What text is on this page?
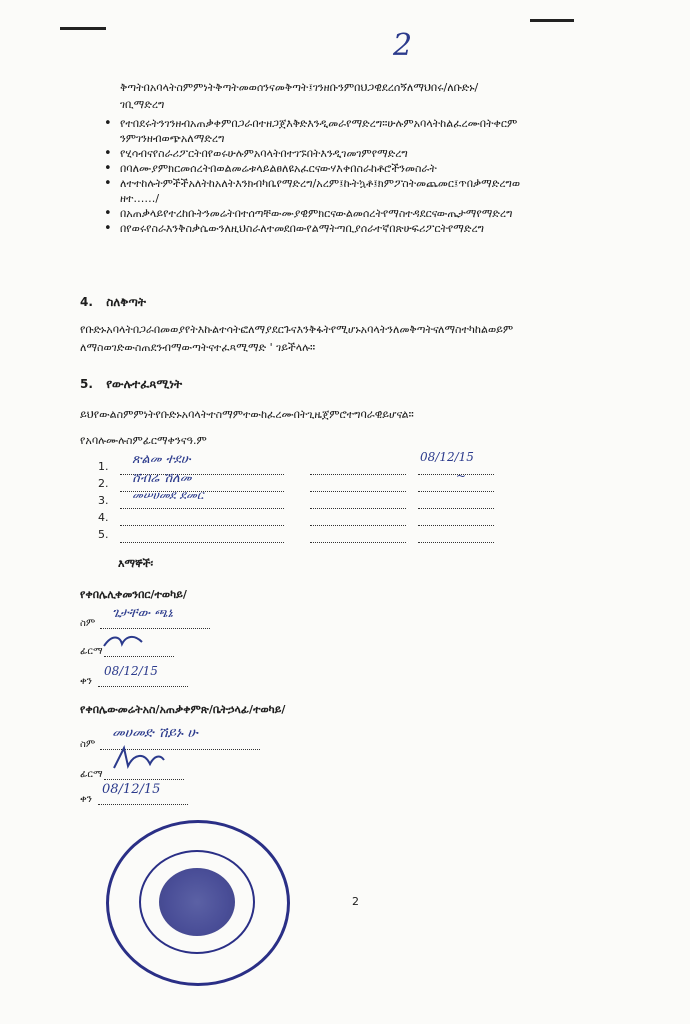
2
ቅጣትበአባላትስምምነትቅጣትመወሰንናመቅጣት፤ገንዘቡንምበህጋዊደረሰኝለማህበሩ/ለቡድኑ/
ገቢማድረግ
• የተበደሩትንገንዘብአጠቃቀምበጋራበተዘጋጀእቅድእንዲመራየማድረግ።ሁሉምአባላትከልፈረሙበትቀርም
ንምገንዘብወጭአለማድረግ
• የሂሳብናየስራሪፖርትበየወሩሁሉምአባላትበተገኙበትእንዲገመገምየማድረግ
• በባለሙያምክርመሰረትበወልመሬቱላይልፀለዩአፈርናውሃእቀበስራከቶሮችንመስራት
• ለተተከሉትምችችአለትከአለትእንክብካቤየማድረግ/አረም፤ኩትኳቶ፤ክምፖስትመጨመር፤ጥበቃማድረግወ
ዘተ……/
• በአጠቃላይየተረከቡትንመሬትበተሰጣቸውሙያዊምክርናውልመሰረትየማስተዳደርናውጤታማየማድረግ
• በየወሩየስራእንቅስቃሴውንለዚህስራለተመደበውየልማትጣቢያሰራተኛበጽሁፍሪፖርትየማድረግ
4. ስለቅጣት
የቡድኑአባላትበጋራበመወያየትእኩልተሳትፎለማያደርጉናእንቅፋትየሚሆኑአባላትንለመቅጣትናለማስተካከልወይም
ለማስወገድውስጠደንብማውጣትናተፈጻሚማድ ' ገይችላሉ።
5. የውሉተፈጻሚነት
ይህየውልስምምነትየቡድኑአባላትተስማምተውከፈረሙበትጊዜጀምሮተግባራዊይሆናል።
የአባሉሙሉስምፊርማቀንናዓ.ም
1. ጽልመ ተደሁ	08/12/15
2. ሸብሬ ሽለመ	~
3. መሠሀመደ ደመር
4.
5.
እማኞች፡
የቀበሌሊቀመንበር/ተወካይ/
ስም
ጌታቸው ጫኔ
ፊርማ
ቀን
08/12/15
የቀበሌውመሬትአስ/አጠቃቀምጽ/ቤትኃላፊ/ተወካይ/
ስም
መሀመድ ሽይኑ ሁ
ፊርማ
ቀን
08/12/15
2
